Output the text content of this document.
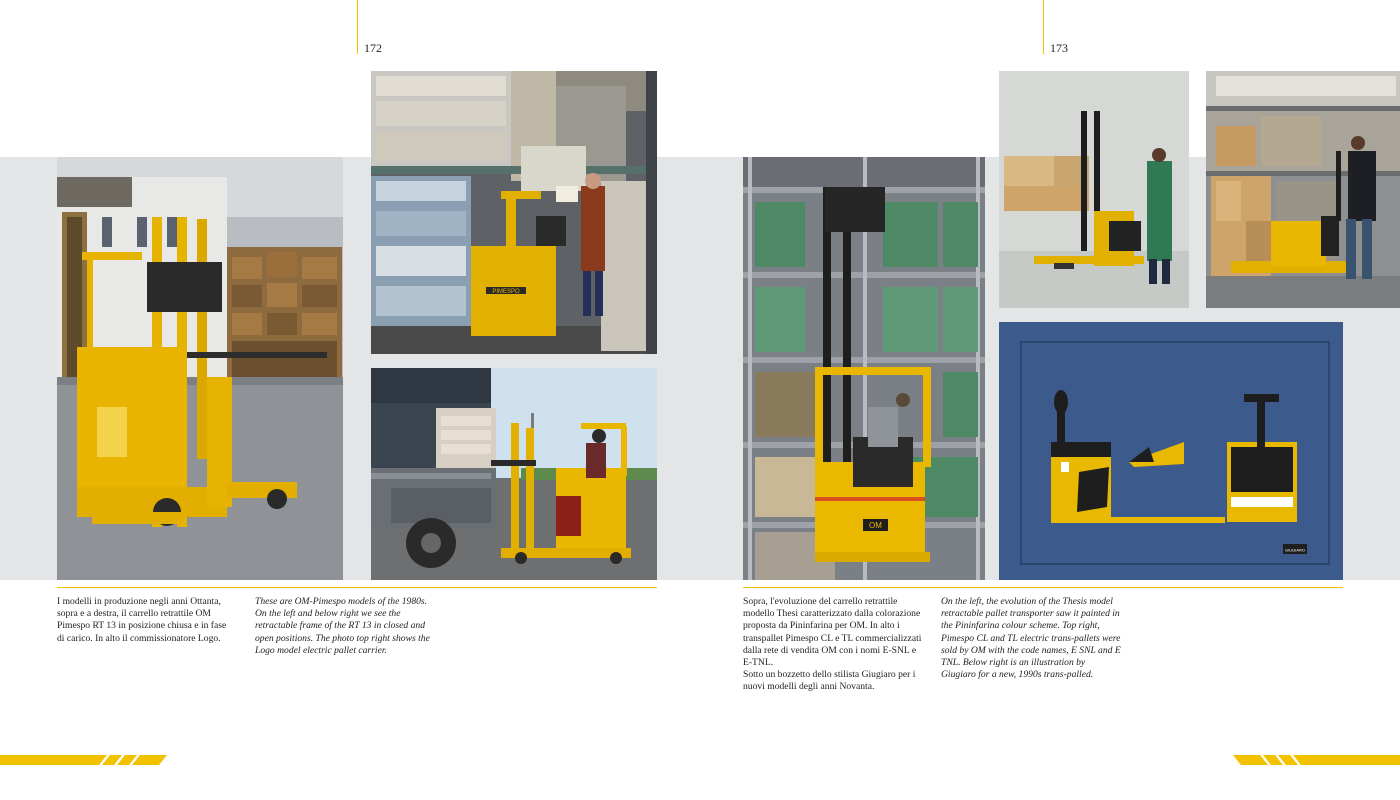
172	173
PIMESPO
OM
GIUGIARO
I modelli in produzione negli anni Ottanta, sopra e a destra, il carrello retrattile OM Pimespo RT 13 in posizione chiusa e in fase di carico. In alto il commissionatore Logo.
These are OM-Pimespo models of the 1980s. On the left and below right we see the retractable frame of the RT 13 in closed and open positions. The photo top right shows the Logo model electric pallet carrier.
Sopra, l'evoluzione del carrello retrattile modello Thesi caratterizzato dalla colorazione proposta da Pininfarina per OM. In alto i transpallet Pimespo CL e TL commercializzati dalla rete di vendita OM con i nomi E-SNL e E-TNL.
Sotto un bozzetto dello stilista Giugiaro per i nuovi modelli degli anni Novanta.
On the left, the evolution of the Thesis model retractable pallet transporter saw it painted in the Pininfarina colour scheme. Top right, Pimespo CL and TL electric trans-pallets were sold by OM with the code names, E SNL and E TNL. Below right is an illustration by Giugiaro for a new, 1990s trans-palled.
